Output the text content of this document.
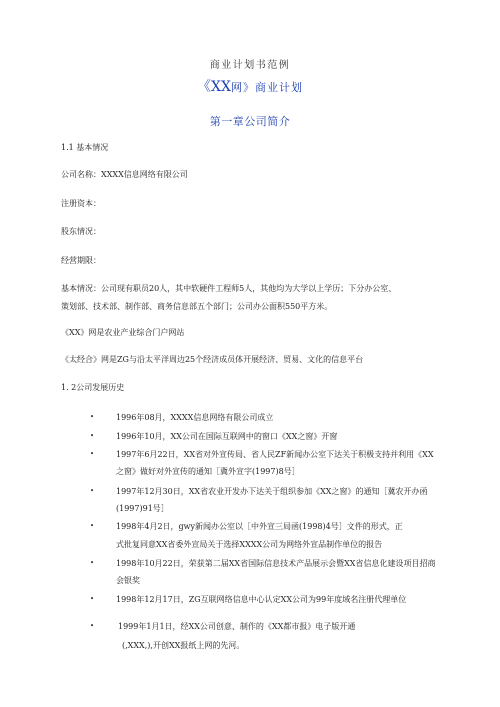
商业计划书范例
《XX网》商业计划
第一章公司简介
1.1 基本情况
公司名称：XXXX信息网络有限公司
注册资本：
股东情况：
经营期限：
基本情况：公司现有职员20人，其中软硬件工程师5人，其他均为大学以上学历；下分办公室、
策划部、技术部、制作部、商务信息部五个部门；公司办公面积550平方米。
《XX》网是农业产业综合门户网站
《太经合》网是ZG与沿太平洋周边25个经济成员体开展经济、贸易、文化的信息平台
1. 2公司发展历史
•	1996年08月，XXXX信息网络有限公司成立
•	1996年10月，XX公司在国际互联网中的窗口《XX之窗》开窗
•	1997年6月22日，XX省对外宣传局、省人民ZF新闻办公室下达关于积极支持并利用《XX
之窗》做好对外宣传的通知［冀外宣字(1997)8号］
•	1997年12月30日，XX省农业开发办下达关于组织参加《XX之窗》的通知［冀农开办函
(1997)91号］
•	1998年4月2日，gwy新闻办公室以［中外宣三局函(1998)4号］文件的形式，正
式批复同意XX省委外宣局关于选择XXXX公司为网络外宣品制作单位的报告
•	1998年10月22日，荣获第二届XX省国际信息技术产品展示会暨XX省信息化建设项目招商
会银奖
•	1998年12月17日，ZG互联网络信息中心认定XX公司为99年度域名注册代理单位
•	1999年1月1日，经XX公司创意、制作的《XX都市报》电子版开通
(,XXX,),开创XX报纸上网的先河。
